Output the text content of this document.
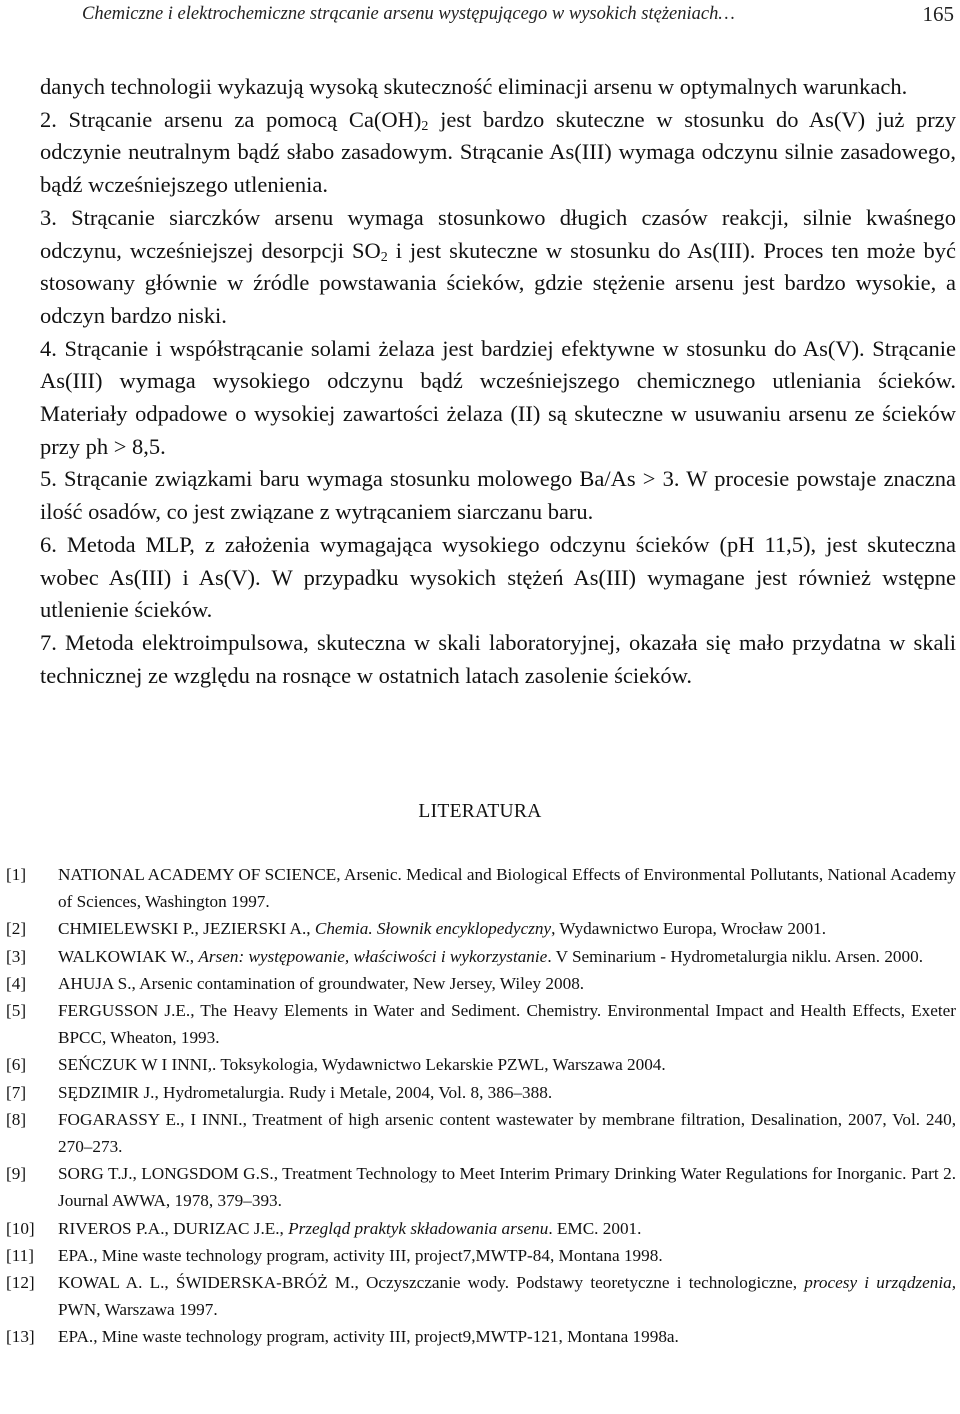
Chemiczne i elektrochemiczne strącanie arsenu występującego w wysokich stężeniach…	165

danych technologii wykazują wysoką skuteczność eliminacji arsenu w optymalnych warunkach.

2. Strącanie arsenu za pomocą $Ca(OH)_2$ jest bardzo skuteczne w stosunku do As(V) już przy odczynie neutralnym bądź słabo zasadowym. Strącanie As(III) wymaga odczynu silnie zasadowego, bądź wcześniejszego utlenienia.

3. Strącanie siarczków arsenu wymaga stosunkowo długich czasów reakcji, silnie kwaśnego odczynu, wcześniejszej desorpcji $SO_2$ i jest skuteczne w stosunku do As(III). Proces ten może być stosowany głównie w źródle powstawania ścieków, gdzie stężenie arsenu jest bardzo wysokie, a odczyn bardzo niski.

4. Strącanie i współstrącanie solami żelaza jest bardziej efektywne w stosunku do As(V). Strącanie As(III) wymaga wysokiego odczynu bądź wcześniejszego chemicznego utleniania ścieków. Materiały odpadowe o wysokiej zawartości żelaza (II) są skuteczne w usuwaniu arsenu ze ścieków przy ph > 8,5.

5. Strącanie związkami baru wymaga stosunku molowego Ba/As > 3. W procesie powstaje znaczna ilość osadów, co jest związane z wytrącaniem siarczanu baru.

6. Metoda MLP, z założenia wymagająca wysokiego odczynu ścieków (pH 11,5), jest skuteczna wobec As(III) i As(V). W przypadku wysokich stężeń As(III) wymagane jest również wstępne utlenienie ścieków.

7. Metoda elektroimpulsowa, skuteczna w skali laboratoryjnej, okazała się mało przydatna w skali technicznej ze względu na rosnące w ostatnich latach zasolenie ścieków.

LITERATURA
[1] NATIONAL ACADEMY OF SCIENCE, Arsenic. Medical and Biological Effects of Environmental Pollutants, National Academy of Sciences, Washington 1997.
[2] CHMIELEWSKI P., JEZIERSKI A., Chemia. Słownik encyklopedyczny, Wydawnictwo Europa, Wrocław 2001.
[3] WALKOWIAK W., Arsen: występowanie, właściwości i wykorzystanie. V Seminarium - Hydrometalurgia niklu. Arsen. 2000.
[4] AHUJA S., Arsenic contamination of groundwater, New Jersey, Wiley 2008.
[5] FERGUSSON J.E., The Heavy Elements in Water and Sediment. Chemistry. Environmental Impact and Health Effects, Exeter BPCC, Wheaton, 1993.
[6] SEŃCZUK W I INNI,. Toksykologia, Wydawnictwo Lekarskie PZWL, Warszawa 2004.
[7] SĘDZIMIR J., Hydrometalurgia. Rudy i Metale, 2004, Vol. 8, 386–388.
[8] FOGARASSY E., I INNI., Treatment of high arsenic content wastewater by membrane filtration, Desalination, 2007, Vol. 240, 270–273.
[9] SORG T.J., LONGSDOM G.S., Treatment Technology to Meet Interim Primary Drinking Water Regulations for Inorganic. Part 2. Journal AWWA, 1978, 379–393.
[10] RIVEROS P.A., DURIZAC J.E., Przegląd praktyk składowania arsenu. EMC. 2001.
[11] EPA., Mine waste technology program, activity III, project7,MWTP-84, Montana 1998.
[12] KOWAL A. L., ŚWIDERSKA-BRÓŻ M., Oczyszczanie wody. Podstawy teoretyczne i technologiczne, procesy i urządzenia, PWN, Warszawa 1997.
[13] EPA., Mine waste technology program, activity III, project9,MWTP-121, Montana 1998a.
